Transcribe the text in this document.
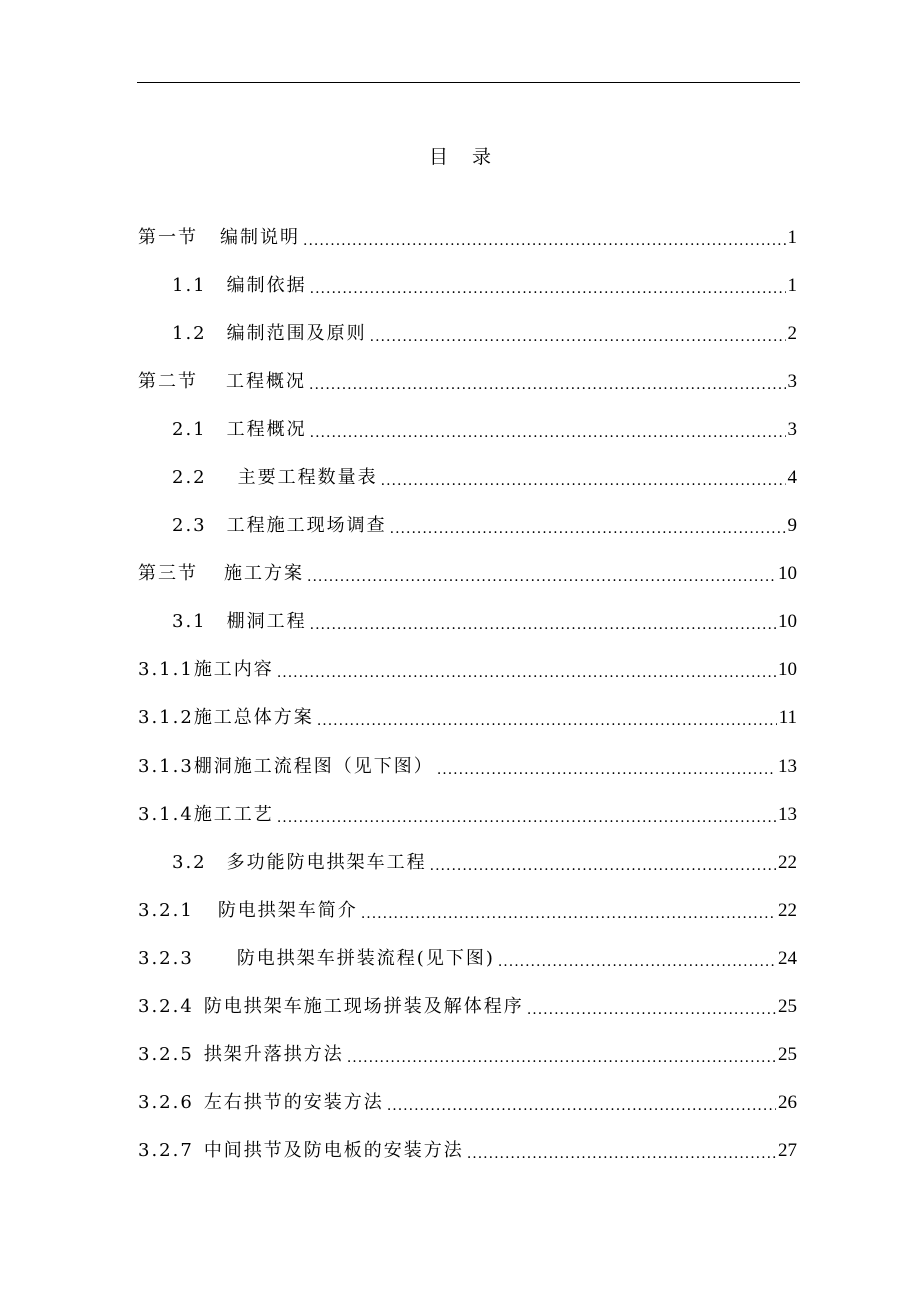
目 录
第一节 编制说明 .....	1
1.1 编制依据 .....	1
1.2 编制范围及原则 .....	2
第二节 工程概况 .....	3
2.1 工程概况 .....	3
2.2 主要工程数量表 .....	4
2.3 工程施工现场调查 .....	9
第三节 施工方案 .....	10
3.1 棚洞工程 .....	10
3.1.1 施工内容 .....	10
3.1.2 施工总体方案 .....	11
3.1.3 棚洞施工流程图（见下图） .....	13
3.1.4 施工工艺 .....	13
3.2 多功能防电拱架车工程 .....	22
3.2.1 防电拱架车简介 .....	22
3.2.3 防电拱架车拼装流程(见下图) .....	24
3.2.4 防电拱架车施工现场拼装及解体程序 .....	25
3.2.5 拱架升落拱方法 .....	25
3.2.6 左右拱节的安装方法 .....	26
3.2.7 中间拱节及防电板的安装方法 .....	27
